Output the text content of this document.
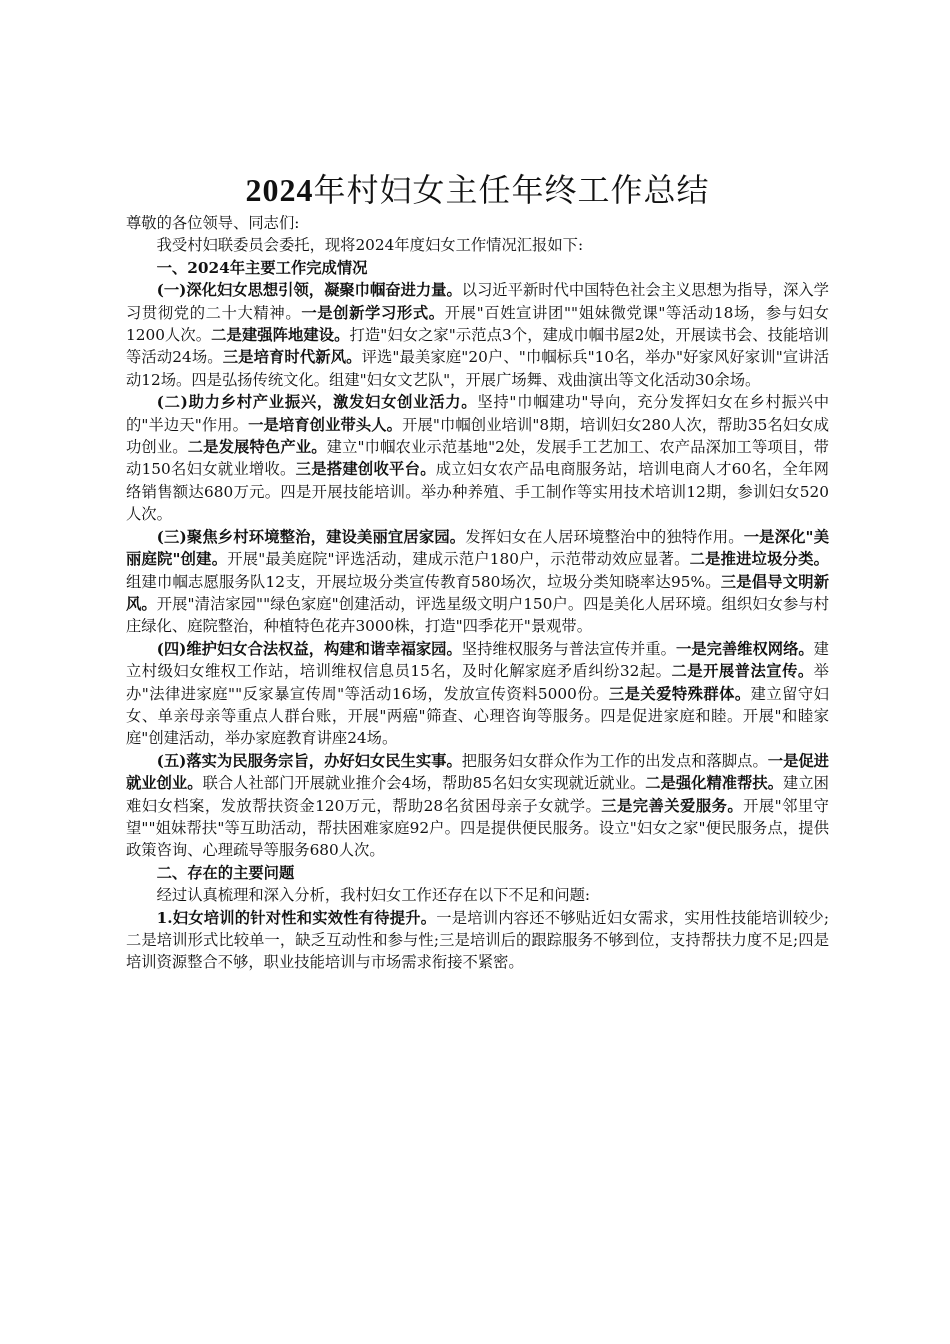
2024年村妇女主任年终工作总结

尊敬的各位领导、同志们:

我受村妇联委员会委托，现将2024年度妇女工作情况汇报如下:

一、2024年主要工作完成情况

(一)深化妇女思想引领，凝聚巾帼奋进力量。以习近平新时代中国特色社会主义思想为指导，深入学习贯彻党的二十大精神。一是创新学习形式。开展"百姓宣讲团""姐妹微党课"等活动18场，参与妇女1200人次。二是建强阵地建设。打造"妇女之家"示范点3个，建成巾帼书屋2处，开展读书会、技能培训等活动24场。三是培育时代新风。评选"最美家庭"20户、"巾帼标兵"10名，举办"好家风好家训"宣讲活动12场。四是弘扬传统文化。组建"妇女文艺队"，开展广场舞、戏曲演出等文化活动30余场。

(二)助力乡村产业振兴，激发妇女创业活力。坚持"巾帼建功"导向，充分发挥妇女在乡村振兴中的"半边天"作用。一是培育创业带头人。开展"巾帼创业培训"8期，培训妇女280人次，帮助35名妇女成功创业。二是发展特色产业。建立"巾帼农业示范基地"2处，发展手工艺加工、农产品深加工等项目，带动150名妇女就业增收。三是搭建创收平台。成立妇女农产品电商服务站，培训电商人才60名，全年网络销售额达680万元。四是开展技能培训。举办种养殖、手工制作等实用技术培训12期，参训妇女520人次。

(三)聚焦乡村环境整治，建设美丽宜居家园。发挥妇女在人居环境整治中的独特作用。一是深化"美丽庭院"创建。开展"最美庭院"评选活动，建成示范户180户，示范带动效应显著。二是推进垃圾分类。组建巾帼志愿服务队12支，开展垃圾分类宣传教育580场次，垃圾分类知晓率达95%。三是倡导文明新风。开展"清洁家园""绿色家庭"创建活动，评选星级文明户150户。四是美化人居环境。组织妇女参与村庄绿化、庭院整治，种植特色花卉3000株，打造"四季花开"景观带。

(四)维护妇女合法权益，构建和谐幸福家园。坚持维权服务与普法宣传并重。一是完善维权网络。建立村级妇女维权工作站，培训维权信息员15名，及时化解家庭矛盾纠纷32起。二是开展普法宣传。举办"法律进家庭""反家暴宣传周"等活动16场，发放宣传资料5000份。三是关爱特殊群体。建立留守妇女、单亲母亲等重点人群台账，开展"两癌"筛查、心理咨询等服务。四是促进家庭和睦。开展"和睦家庭"创建活动，举办家庭教育讲座24场。

(五)落实为民服务宗旨，办好妇女民生实事。把服务妇女群众作为工作的出发点和落脚点。一是促进就业创业。联合人社部门开展就业推介会4场，帮助85名妇女实现就近就业。二是强化精准帮扶。建立困难妇女档案，发放帮扶资金120万元，帮助28名贫困母亲子女就学。三是完善关爱服务。开展"邻里守望""姐妹帮扶"等互助活动，帮扶困难家庭92户。四是提供便民服务。设立"妇女之家"便民服务点，提供政策咨询、心理疏导等服务680人次。

二、存在的主要问题

经过认真梳理和深入分析，我村妇女工作还存在以下不足和问题:

1.妇女培训的针对性和实效性有待提升。一是培训内容还不够贴近妇女需求，实用性技能培训较少;二是培训形式比较单一，缺乏互动性和参与性;三是培训后的跟踪服务不够到位，支持帮扶力度不足;四是培训资源整合不够，职业技能培训与市场需求衔接不紧密。
